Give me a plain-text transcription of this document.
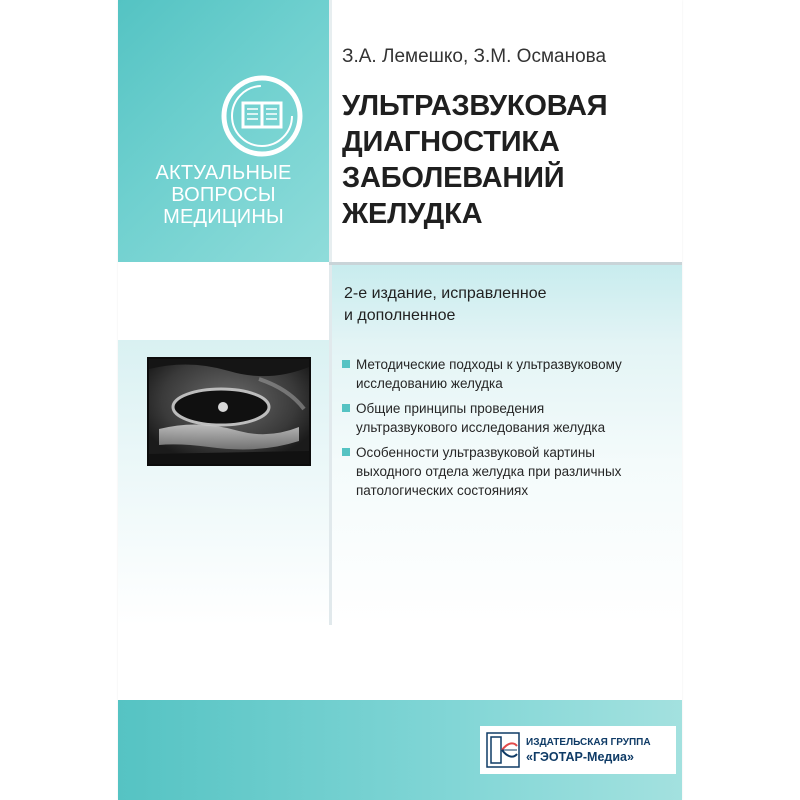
АКТУАЛЬНЫЕ
ВОПРОСЫ
МЕДИЦИНЫ
З.А. Лемешко, З.М. Османова
УЛЬТРАЗВУКОВАЯ
ДИАГНОСТИКА
ЗАБОЛЕВАНИЙ
ЖЕЛУДКА
2-е издание, исправленное
и дополненное
Методические подходы к ультразвуковому
исследованию желудка
Общие принципы проведения
ультразвукового исследования желудка
Особенности ультразвуковой картины
выходного отдела желудка при различных
патологических состояниях
ИЗДАТЕЛЬСКАЯ ГРУППА
«ГЭОТАР-Медиа»
